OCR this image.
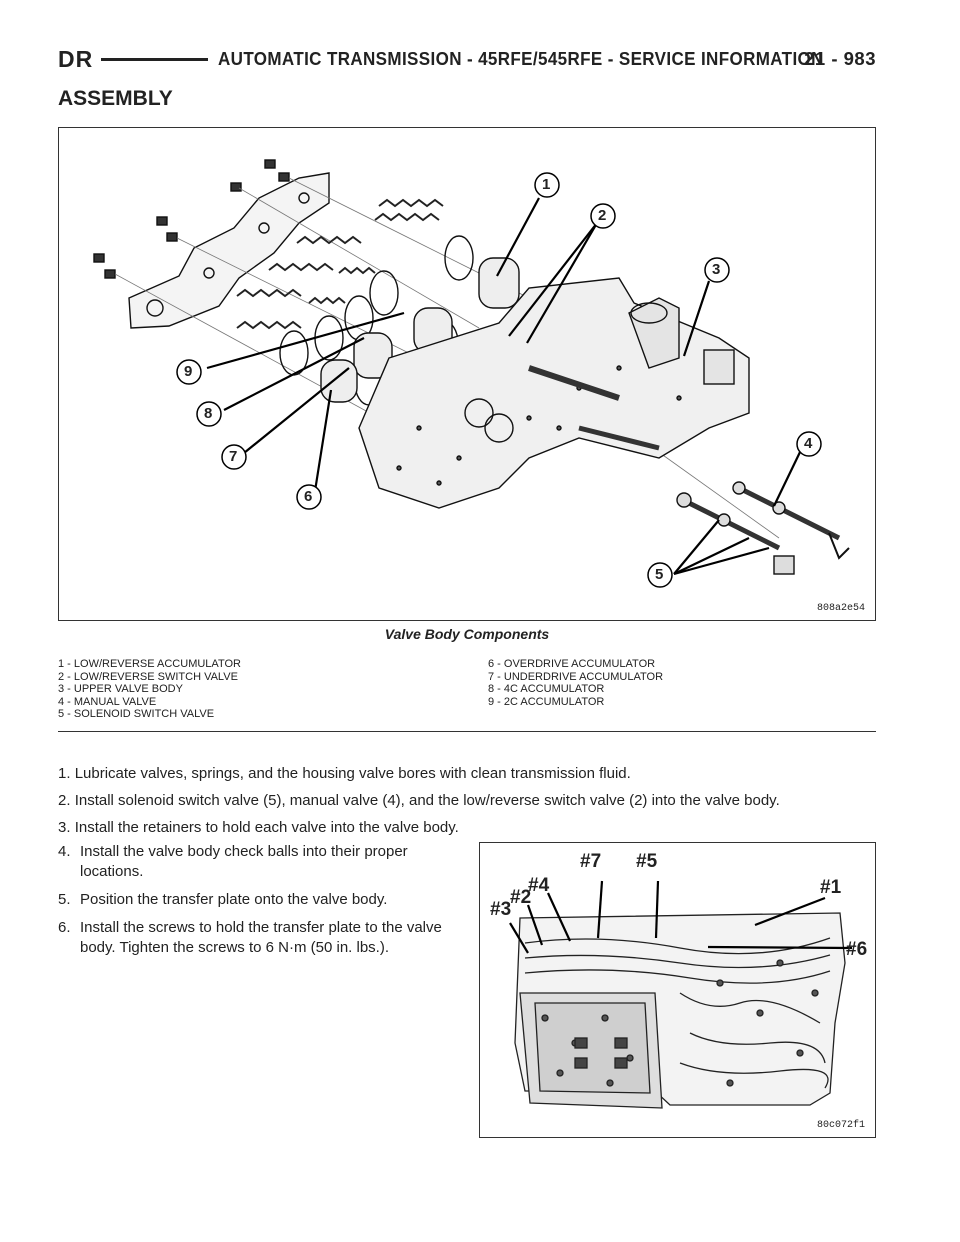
DR	AUTOMATIC TRANSMISSION - 45RFE/545RFE - SERVICE INFORMATION
21 - 983
ASSEMBLY
1
2
3
4
5
6
7
8
9
808a2e54
Valve Body Components
1 - LOW/REVERSE ACCUMULATOR
2 - LOW/REVERSE SWITCH VALVE
3 - UPPER VALVE BODY
4 - MANUAL VALVE
5 - SOLENOID SWITCH VALVE
6 - OVERDRIVE ACCUMULATOR
7 - UNDERDRIVE ACCUMULATOR
8 - 4C ACCUMULATOR
9 - 2C ACCUMULATOR
1. Lubricate valves, springs, and the housing valve bores with clean transmission fluid.
2. Install solenoid switch valve (5), manual valve (4), and the low/reverse switch valve (2) into the valve body.
3. Install the retainers to hold each valve into the valve body.
4. Install the valve body check balls into their proper locations.
5. Position the transfer plate onto the valve body.
6. Install the screws to hold the transfer plate to the valve body. Tighten the screws to 6 N·m (50 in. lbs.).
#7 #5
#4
#2
#3
#1
#6
80c072f1
